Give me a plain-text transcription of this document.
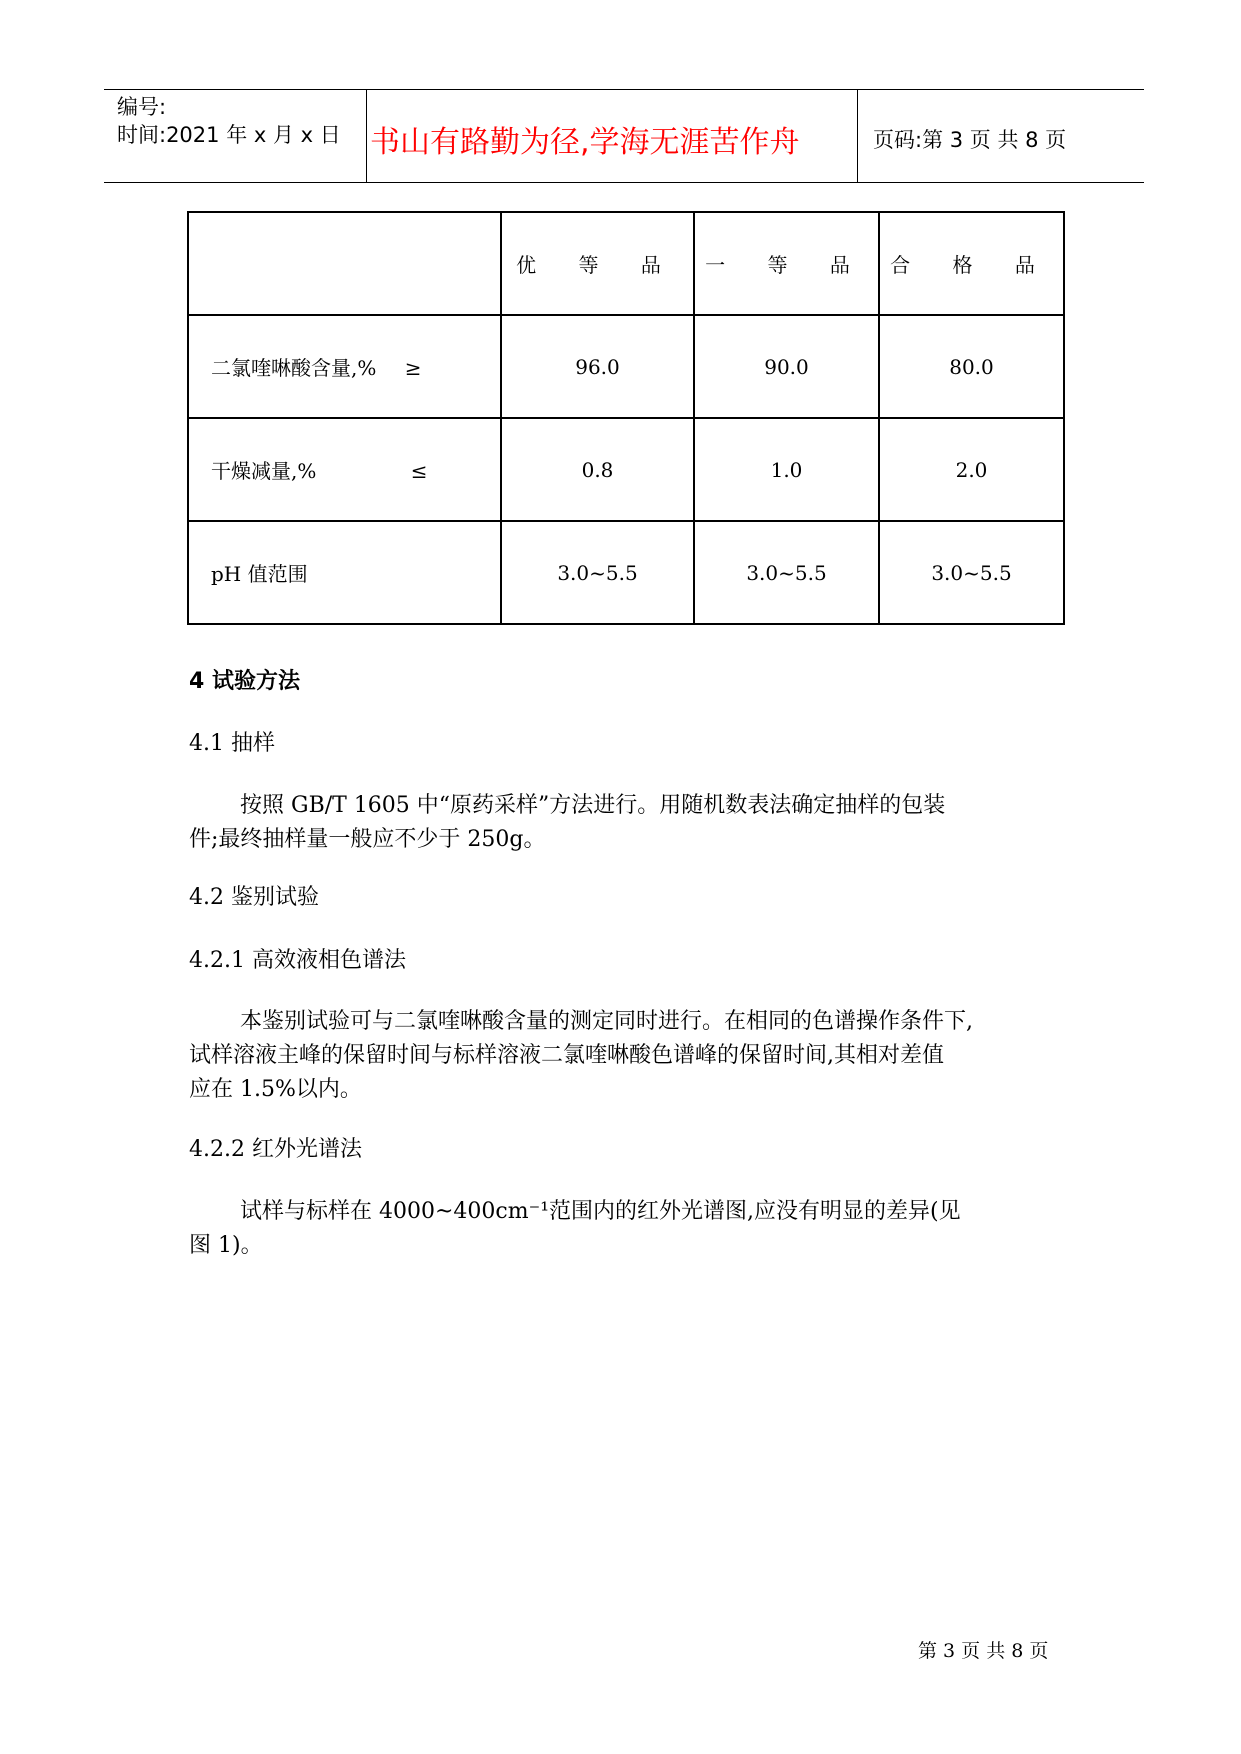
编号:
时间:2021 年 x 月 x 日 书山有路勤为径,学海无涯苦作舟	页码:第 3 页 共 8 页
	优 等 品	一 等 品	合 格 品
二氯喹啉酸含量,% ≥	96.0	90.0	80.0
干燥减量,% ≤	0.8	1.0	2.0
pH 值范围	3.0~5.5	3.0~5.5	3.0~5.5
4 试验方法
4.1 抽样
按照 GB/T 1605 中“原药采样”方法进行。用随机数表法确定抽样的包装
件;最终抽样量一般应不少于 250g。
4.2 鉴别试验
4.2.1 高效液相色谱法
本鉴别试验可与二氯喹啉酸含量的测定同时进行。在相同的色谱操作条件下,
试样溶液主峰的保留时间与标样溶液二氯喹啉酸色谱峰的保留时间,其相对差值
应在 1.5%以内。
4.2.2 红外光谱法
试样与标样在 4000~400cm⁻¹范围内的红外光谱图,应没有明显的差异(见
图 1)。
第 3 页 共 8 页
